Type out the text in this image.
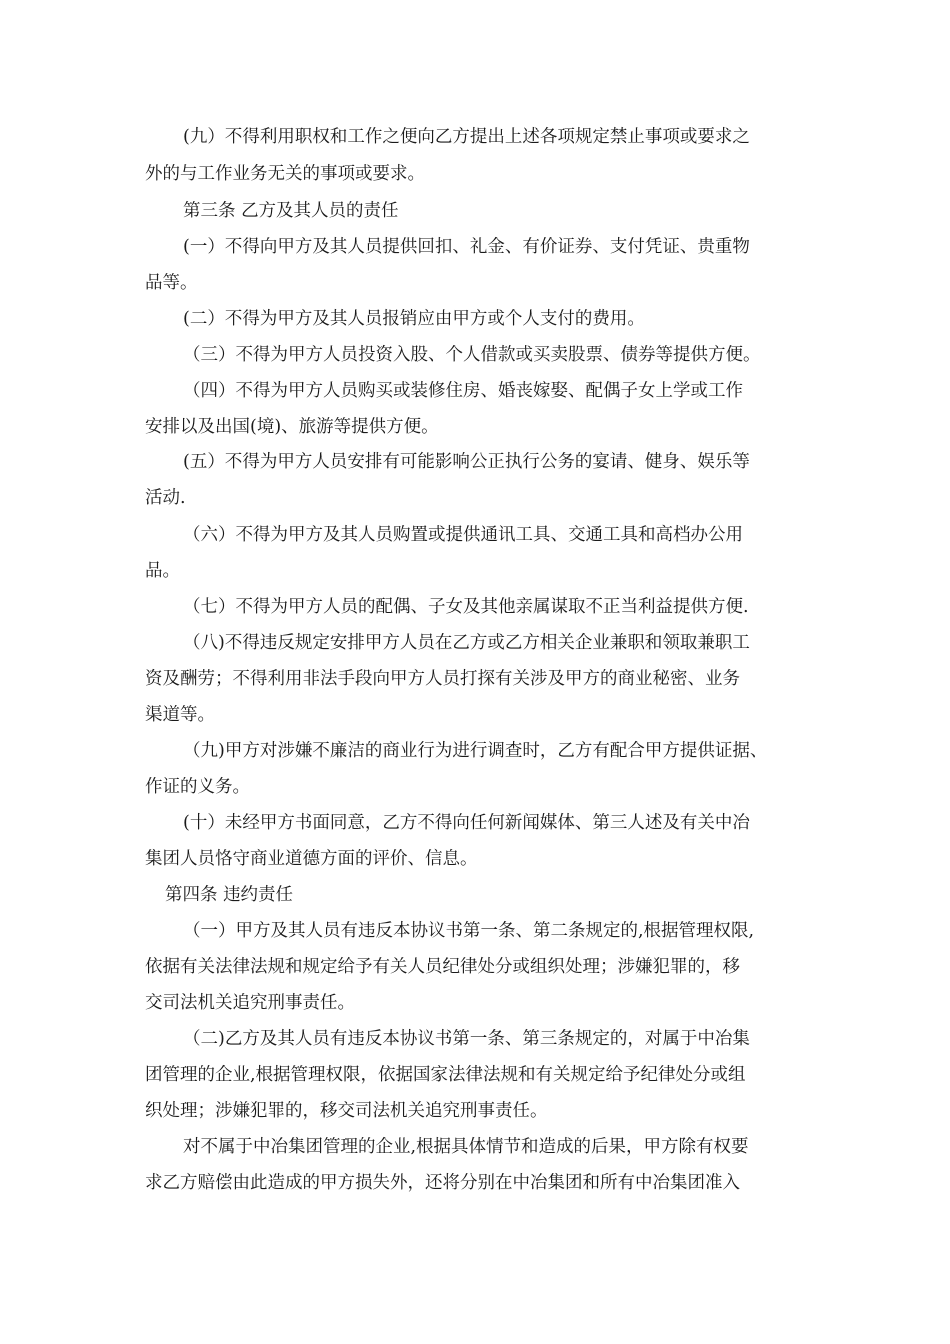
(九）不得利用职权和工作之便向乙方提出上述各项规定禁止事项或要求之

外的与工作业务无关的事项或要求。

第三条 乙方及其人员的责任

(一）不得向甲方及其人员提供回扣、礼金、有价证券、支付凭证、贵重物

品等。

(二）不得为甲方及其人员报销应由甲方或个人支付的费用。

（三）不得为甲方人员投资入股、个人借款或买卖股票、债券等提供方便。

（四）不得为甲方人员购买或装修住房、婚丧嫁娶、配偶子女上学或工作

安排以及出国(境)、旅游等提供方便。

(五）不得为甲方人员安排有可能影响公正执行公务的宴请、健身、娱乐等

活动.

（六）不得为甲方及其人员购置或提供通讯工具、交通工具和高档办公用

品。

（七）不得为甲方人员的配偶、子女及其他亲属谋取不正当利益提供方便.

（八)不得违反规定安排甲方人员在乙方或乙方相关企业兼职和领取兼职工

资及酬劳；不得利用非法手段向甲方人员打探有关涉及甲方的商业秘密、业务

渠道等。

（九)甲方对涉嫌不廉洁的商业行为进行调查时，乙方有配合甲方提供证据、

作证的义务。

(十）未经甲方书面同意，乙方不得向任何新闻媒体、第三人述及有关中冶

集团人员恪守商业道德方面的评价、信息。

第四条 违约责任

（一）甲方及其人员有违反本协议书第一条、第二条规定的,根据管理权限,

依据有关法律法规和规定给予有关人员纪律处分或组织处理；涉嫌犯罪的，移

交司法机关追究刑事责任。

（二)乙方及其人员有违反本协议书第一条、第三条规定的，对属于中冶集

团管理的企业,根据管理权限，依据国家法律法规和有关规定给予纪律处分或组

织处理；涉嫌犯罪的，移交司法机关追究刑事责任。

对不属于中冶集团管理的企业,根据具体情节和造成的后果，甲方除有权要

求乙方赔偿由此造成的甲方损失外，还将分别在中冶集团和所有中冶集团准入
